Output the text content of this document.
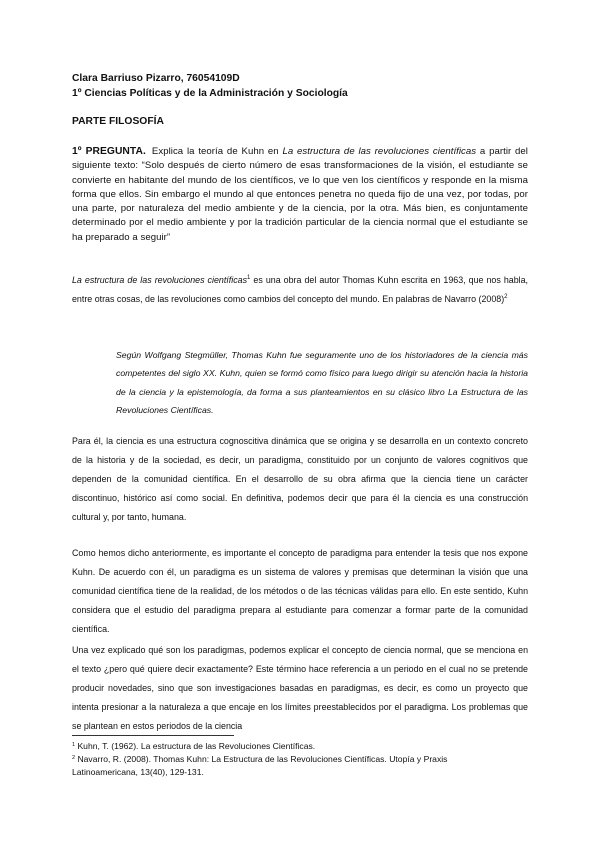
Clara Barriuso Pizarro, 76054109D
1º Ciencias Políticas y de la Administración y Sociología
PARTE FILOSOFÍA
1º PREGUNTA. Explica la teoría de Kuhn en La estructura de las revoluciones científicas a partir del siguiente texto: “Solo después de cierto número de esas transformaciones de la visión, el estudiante se convierte en habitante del mundo de los científicos, ve lo que ven los científicos y responde en la misma forma que ellos. Sin embargo el mundo al que entonces penetra no queda fijo de una vez, por todas, por una parte, por naturaleza del medio ambiente y de la ciencia, por la otra. Más bien, es conjuntamente determinado por el medio ambiente y por la tradición particular de la ciencia normal que el estudiante se ha preparado a seguir”
La estructura de las revoluciones científicas$^1$ es una obra del autor Thomas Kuhn escrita en 1963, que nos habla, entre otras cosas, de las revoluciones como cambios del concepto del mundo. En palabras de Navarro $(2008)^2$
Según Wolfgang Stegmüller, Thomas Kuhn fue seguramente uno de los historiadores de la ciencia más competentes del siglo XX. Kuhn, quien se formó como físico para luego dirigir su atención hacia la historia de la ciencia y la epistemología, da forma a sus planteamientos en su clásico libro La Estructura de las Revoluciones Científicas.
Para él, la ciencia es una estructura cognoscitiva dinámica que se origina y se desarrolla en un contexto concreto de la historia y de la sociedad, es decir, un paradigma, constituido por un conjunto de valores cognitivos que dependen de la comunidad científica. En el desarrollo de su obra afirma que la ciencia tiene un carácter discontinuo, histórico así como social. En definitiva, podemos decir que para él la ciencia es una construcción cultural y, por tanto, humana.
Como hemos dicho anteriormente, es importante el concepto de paradigma para entender la tesis que nos expone Kuhn. De acuerdo con él, un paradigma es un sistema de valores y premisas que determinan la visión que una comunidad científica tiene de la realidad, de los métodos o de las técnicas válidas para ello. En este sentido, Kuhn considera que el estudio del paradigma prepara al estudiante para comenzar a formar parte de la comunidad científica.
Una vez explicado qué son los paradigmas, podemos explicar el concepto de ciencia normal, que se menciona en el texto ¿pero qué quiere decir exactamente? Este término hace referencia a un periodo en el cual no se pretende producir novedades, sino que son investigaciones basadas en paradigmas, es decir, es como un proyecto que intenta presionar a la naturaleza a que encaje en los límites preestablecidos por el paradigma. Los problemas que se plantean en estos periodos de la ciencia
$^1$ Kuhn, T. (1962). La estructura de las Revoluciones Científicas.
$^2$ Navarro, R. (2008). Thomas Kuhn: La Estructura de las Revoluciones Científicas. Utopía y Praxis Latinoamericana, 13(40), 129-131.
